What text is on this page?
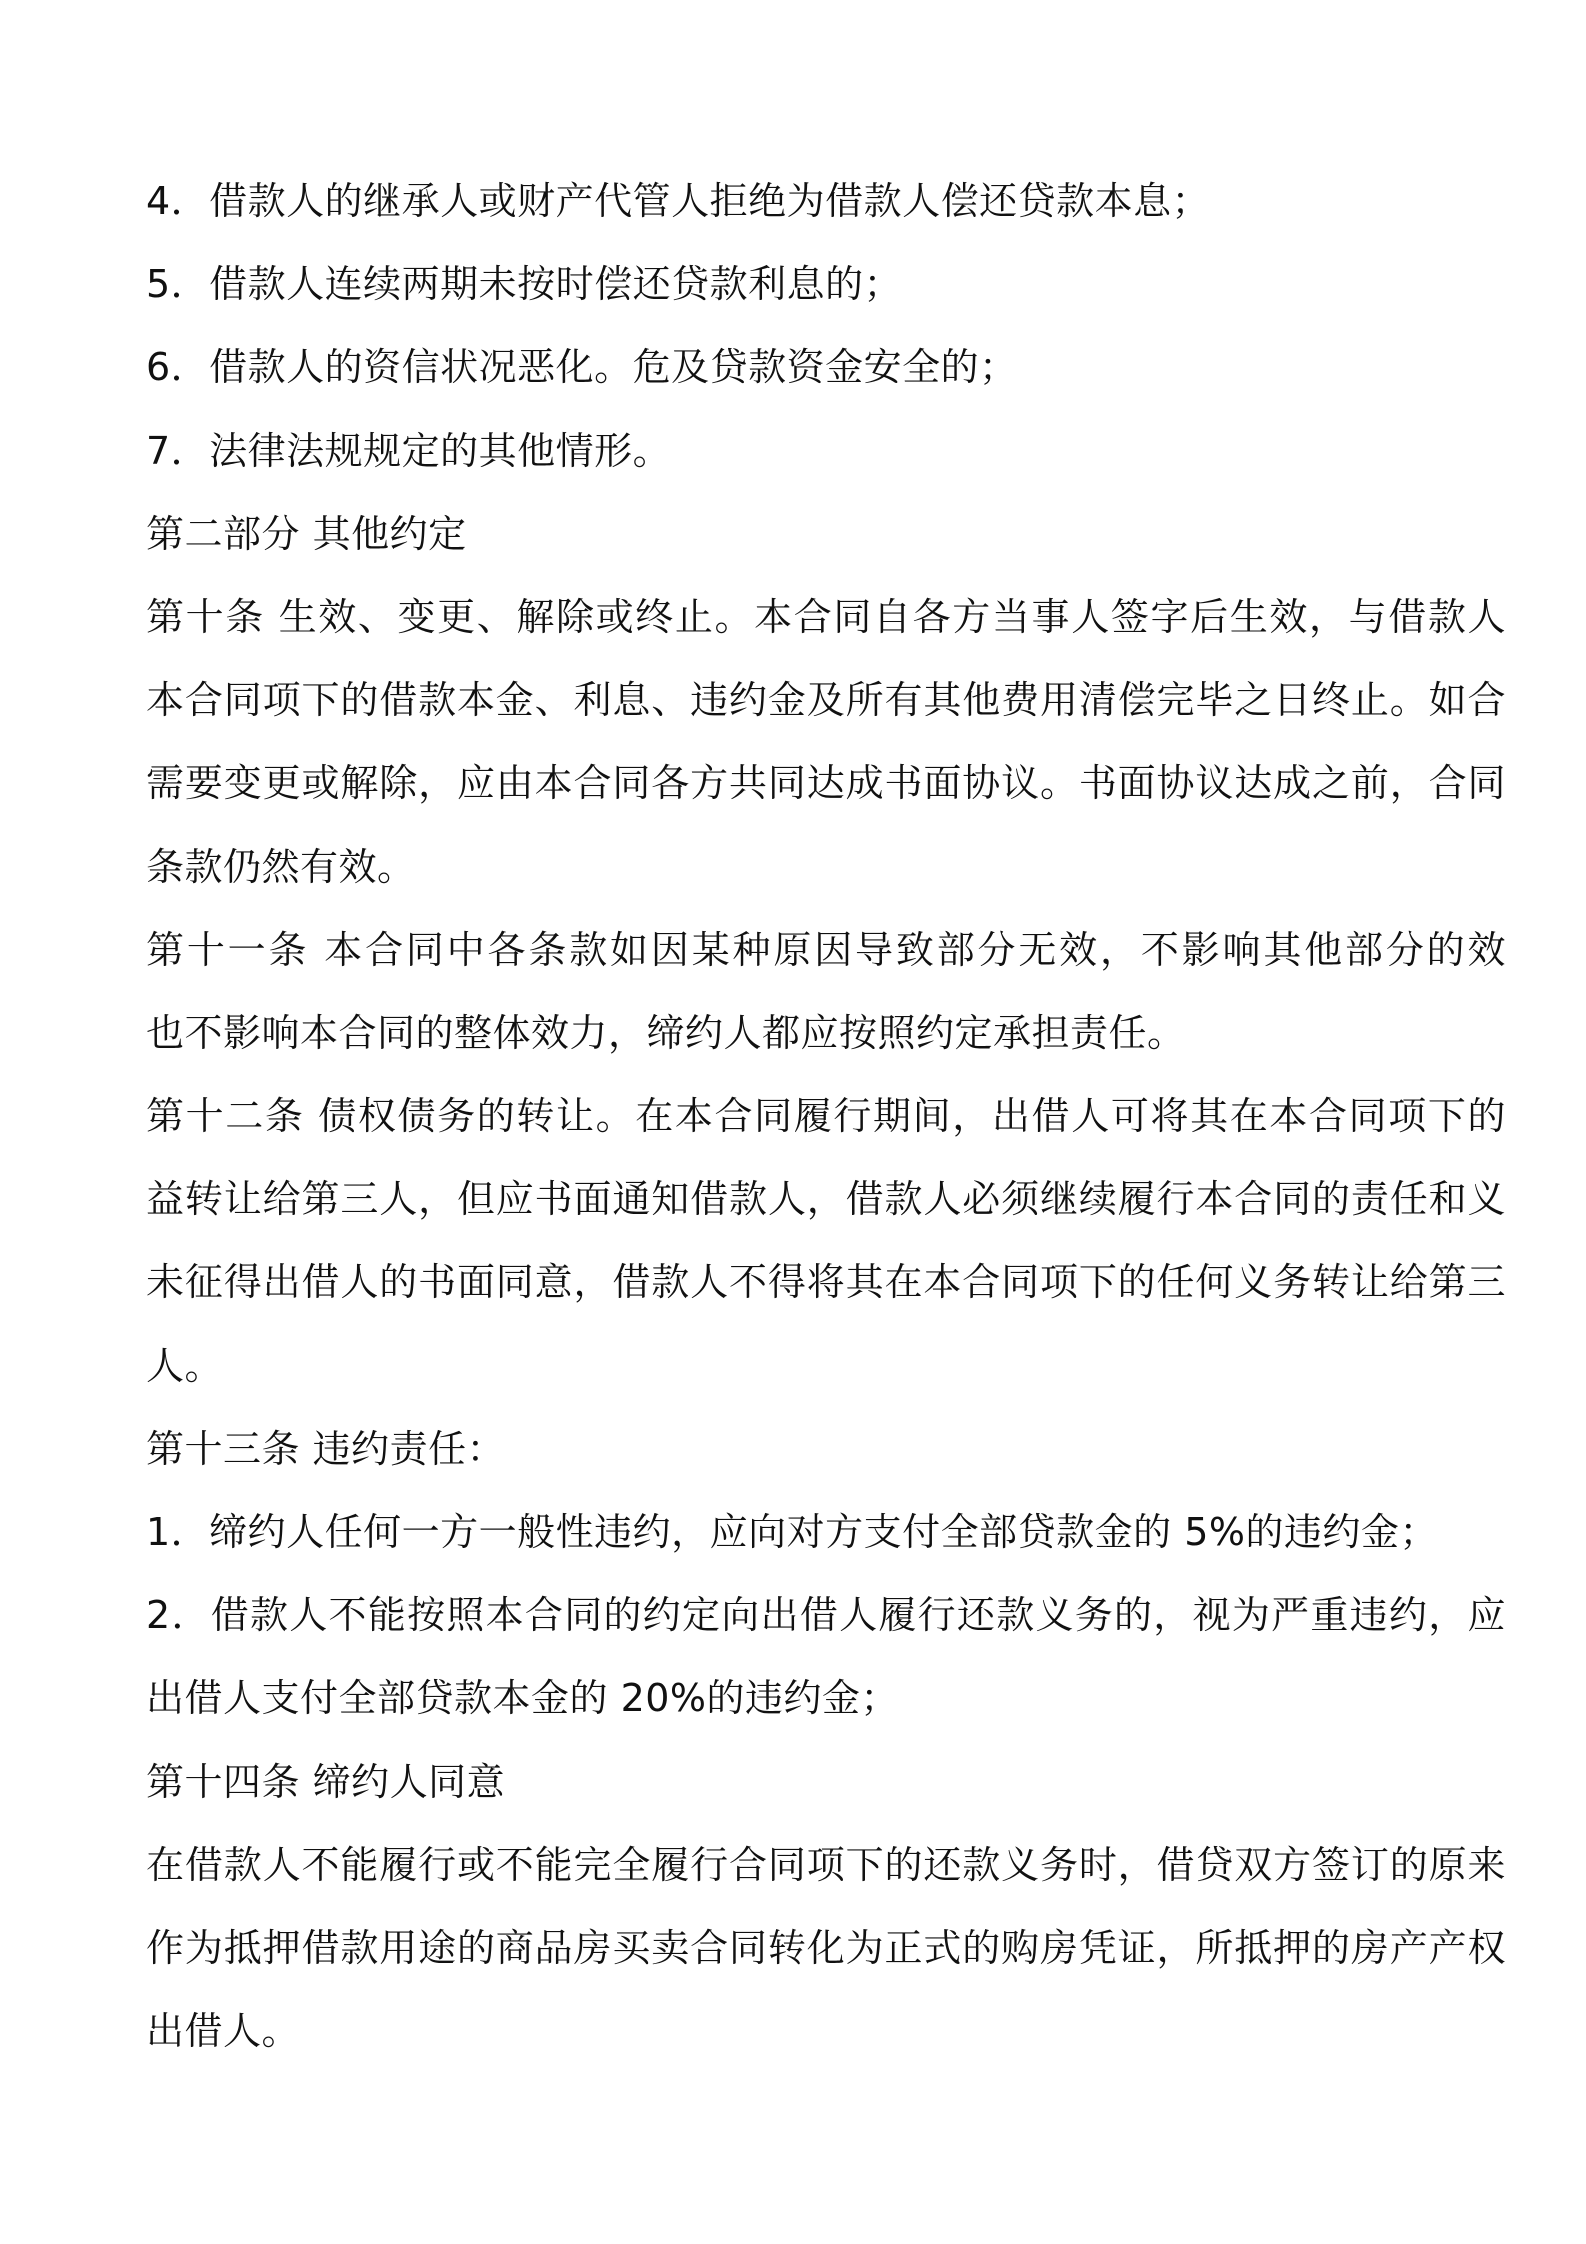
4．借款人的继承人或财产代管人拒绝为借款人偿还贷款本息；
5．借款人连续两期未按时偿还贷款利息的；
6．借款人的资信状况恶化。危及贷款资金安全的；
7．法律法规规定的其他情形。
第二部分 其他约定
第十条 生效、变更、解除或终止。本合同自各方当事人签字后生效，与借款人
本合同项下的借款本金、利息、违约金及所有其他费用清偿完毕之日终止。如合
需要变更或解除，应由本合同各方共同达成书面协议。书面协议达成之前，合同
条款仍然有效。
第十一条 本合同中各条款如因某种原因导致部分无效，不影响其他部分的效
也不影响本合同的整体效力，缔约人都应按照约定承担责任。
第十二条 债权债务的转让。在本合同履行期间，出借人可将其在本合同项下的
益转让给第三人，但应书面通知借款人，借款人必须继续履行本合同的责任和义
未征得出借人的书面同意，借款人不得将其在本合同项下的任何义务转让给第三
人。
第十三条 违约责任：
1．缔约人任何一方一般性违约，应向对方支付全部贷款金的 5%的违约金；
2．借款人不能按照本合同的约定向出借人履行还款义务的，视为严重违约，应
出借人支付全部贷款本金的 20%的违约金；
第十四条 缔约人同意
在借款人不能履行或不能完全履行合同项下的还款义务时，借贷双方签订的原来
作为抵押借款用途的商品房买卖合同转化为正式的购房凭证，所抵押的房产产权
出借人。
